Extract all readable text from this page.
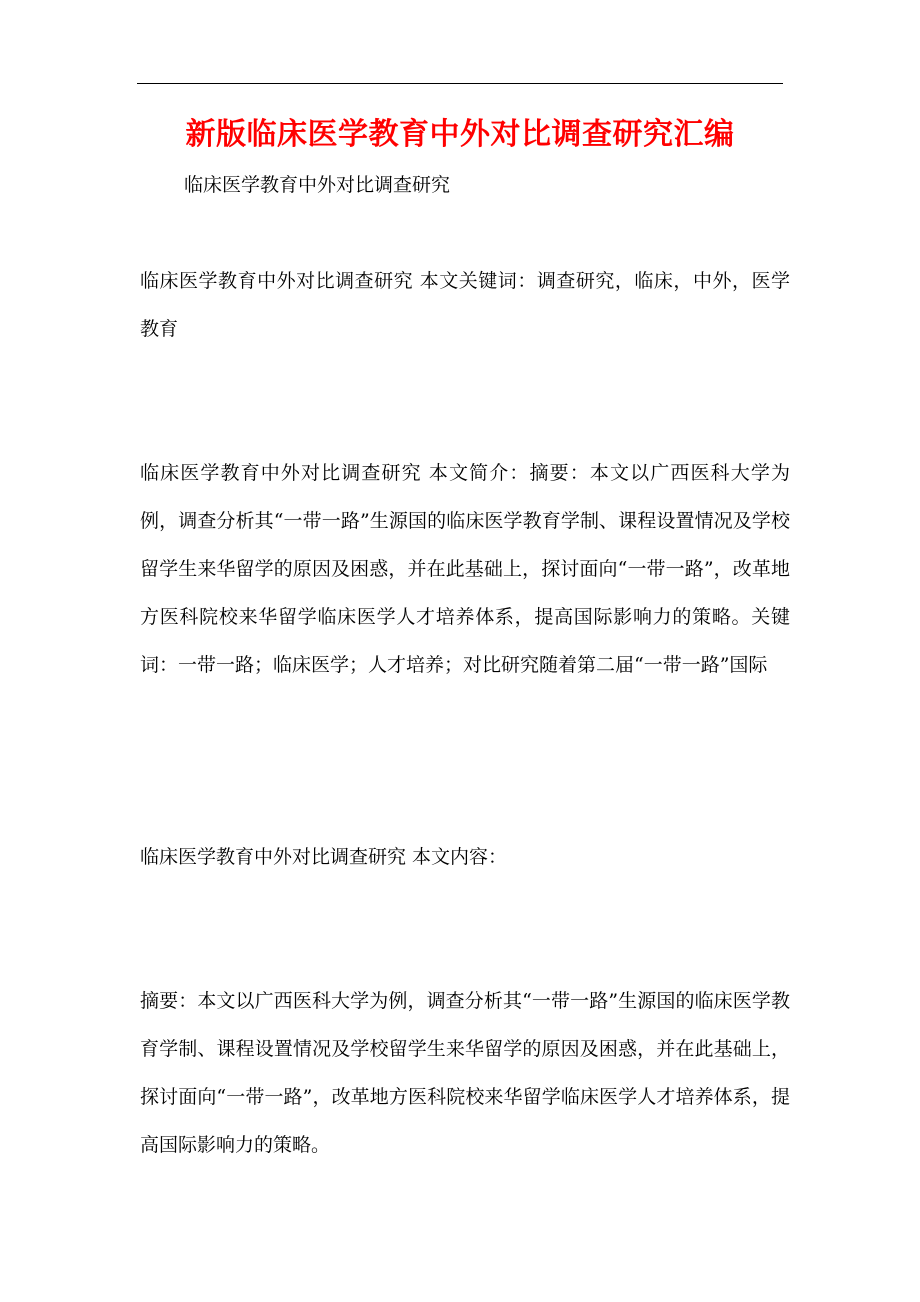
新版临床医学教育中外对比调查研究汇编
临床医学教育中外对比调查研究

临床医学教育中外对比调查研究 本文关键词：调查研究，临床，中外，医学教育

临床医学教育中外对比调查研究 本文简介：摘要：本文以广西医科大学为例，调查分析其“一带一路”生源国的临床医学教育学制、课程设置情况及学校留学生来华留学的原因及困惑，并在此基础上，探讨面向“一带一路”，改革地方医科院校来华留学临床医学人才培养体系，提高国际影响力的策略。关键词：一带一路；临床医学；人才培养；对比研究随着第二届“一带一路”国际

临床医学教育中外对比调查研究 本文内容：

摘要：本文以广西医科大学为例，调查分析其“一带一路”生源国的临床医学教育学制、课程设置情况及学校留学生来华留学的原因及困惑，并在此基础上，探讨面向“一带一路”，改革地方医科院校来华留学临床医学人才培养体系，提高国际影响力的策略。
